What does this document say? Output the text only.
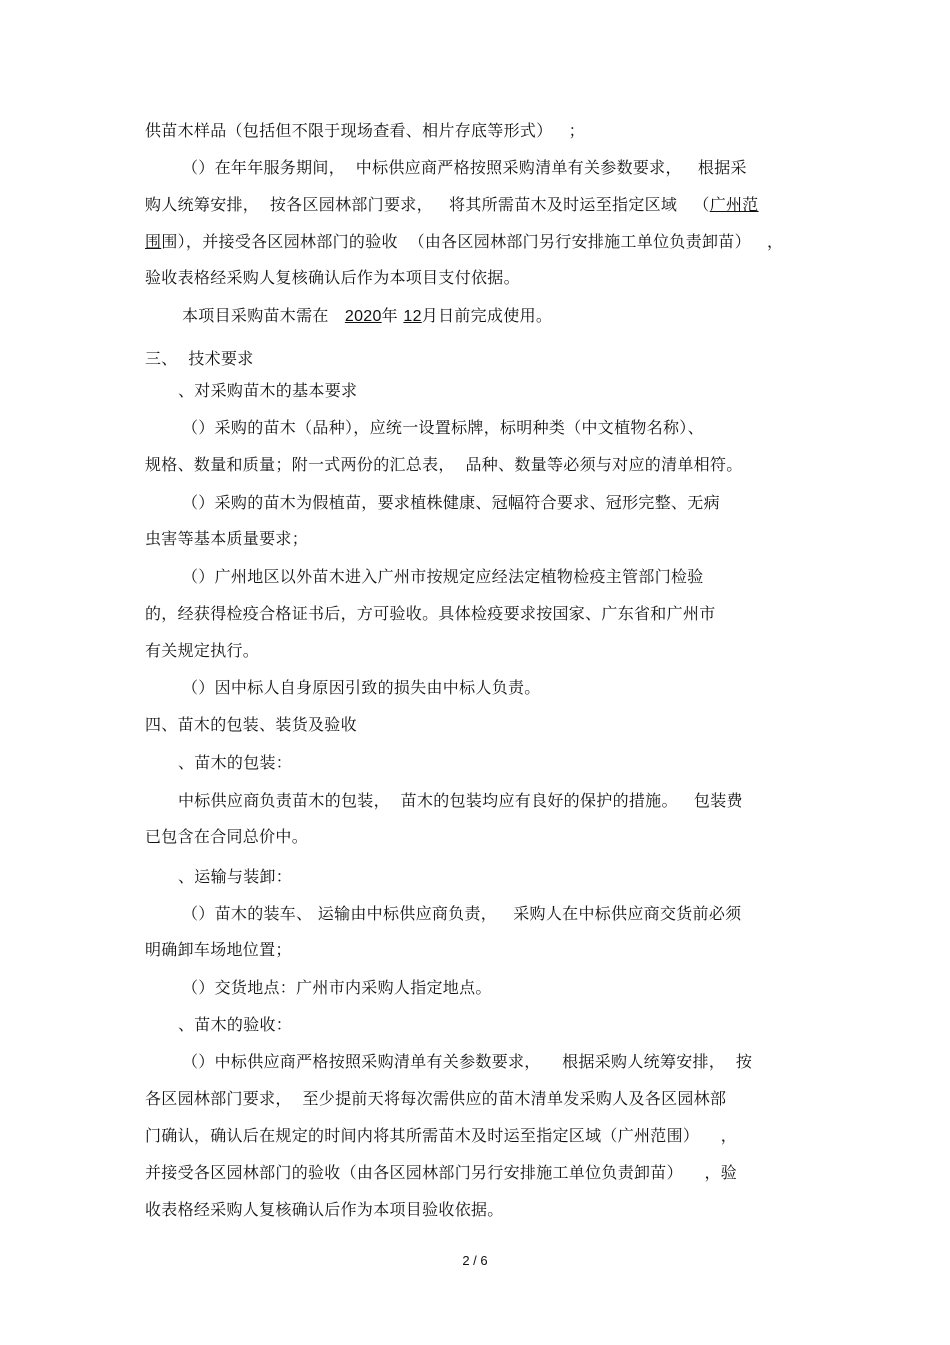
供苗木样品（包括但不限于现场查看、相片存底等形式）   ；
（）在年年服务期间，  中标供应商严格按照采购清单有关参数要求，   根据采
购人统筹安排，  按各区园林部门要求，   将其所需苗木及时运至指定区域   （广州范
围围），并接受各区园林部门的验收  （由各区园林部门另行安排施工单位负责卸苗）   ，
验收表格经采购人复核确认后作为本项目支付依据。
本项目采购苗木需在 2020年 12月日前完成使用。
三、  技术要求
、对采购苗木的基本要求
（）采购的苗木（品种），应统一设置标牌，标明种类（中文植物名称）、
规格、数量和质量；附一式两份的汇总表，  品种、数量等必须与对应的清单相符。
（）采购的苗木为假植苗，要求植株健康、冠幅符合要求、冠形完整、无病
虫害等基本质量要求；
（）广州地区以外苗木进入广州市按规定应经法定植物检疫主管部门检验
的，经获得检疫合格证书后，方可验收。具体检疫要求按国家、广东省和广州市
有关规定执行。
（）因中标人自身原因引致的损失由中标人负责。
四、苗木的包装、装货及验收
、苗木的包装：
中标供应商负责苗木的包装，  苗木的包装均应有良好的保护的措施。   包装费
已包含在合同总价中。
、运输与装卸：
（）苗木的装车、 运输由中标供应商负责，   采购人在中标供应商交货前必须
明确卸车场地位置；
（）交货地点：广州市内采购人指定地点。
、苗木的验收：
（）中标供应商严格按照采购清单有关参数要求，    根据采购人统筹安排，  按
各区园林部门要求，  至少提前天将每次需供应的苗木清单发采购人及各区园林部
门确认，确认后在规定的时间内将其所需苗木及时运至指定区域（广州范围）    ，
并接受各区园林部门的验收（由各区园林部门另行安排施工单位负责卸苗）    ，验
收表格经采购人复核确认后作为本项目验收依据。
2 / 6
